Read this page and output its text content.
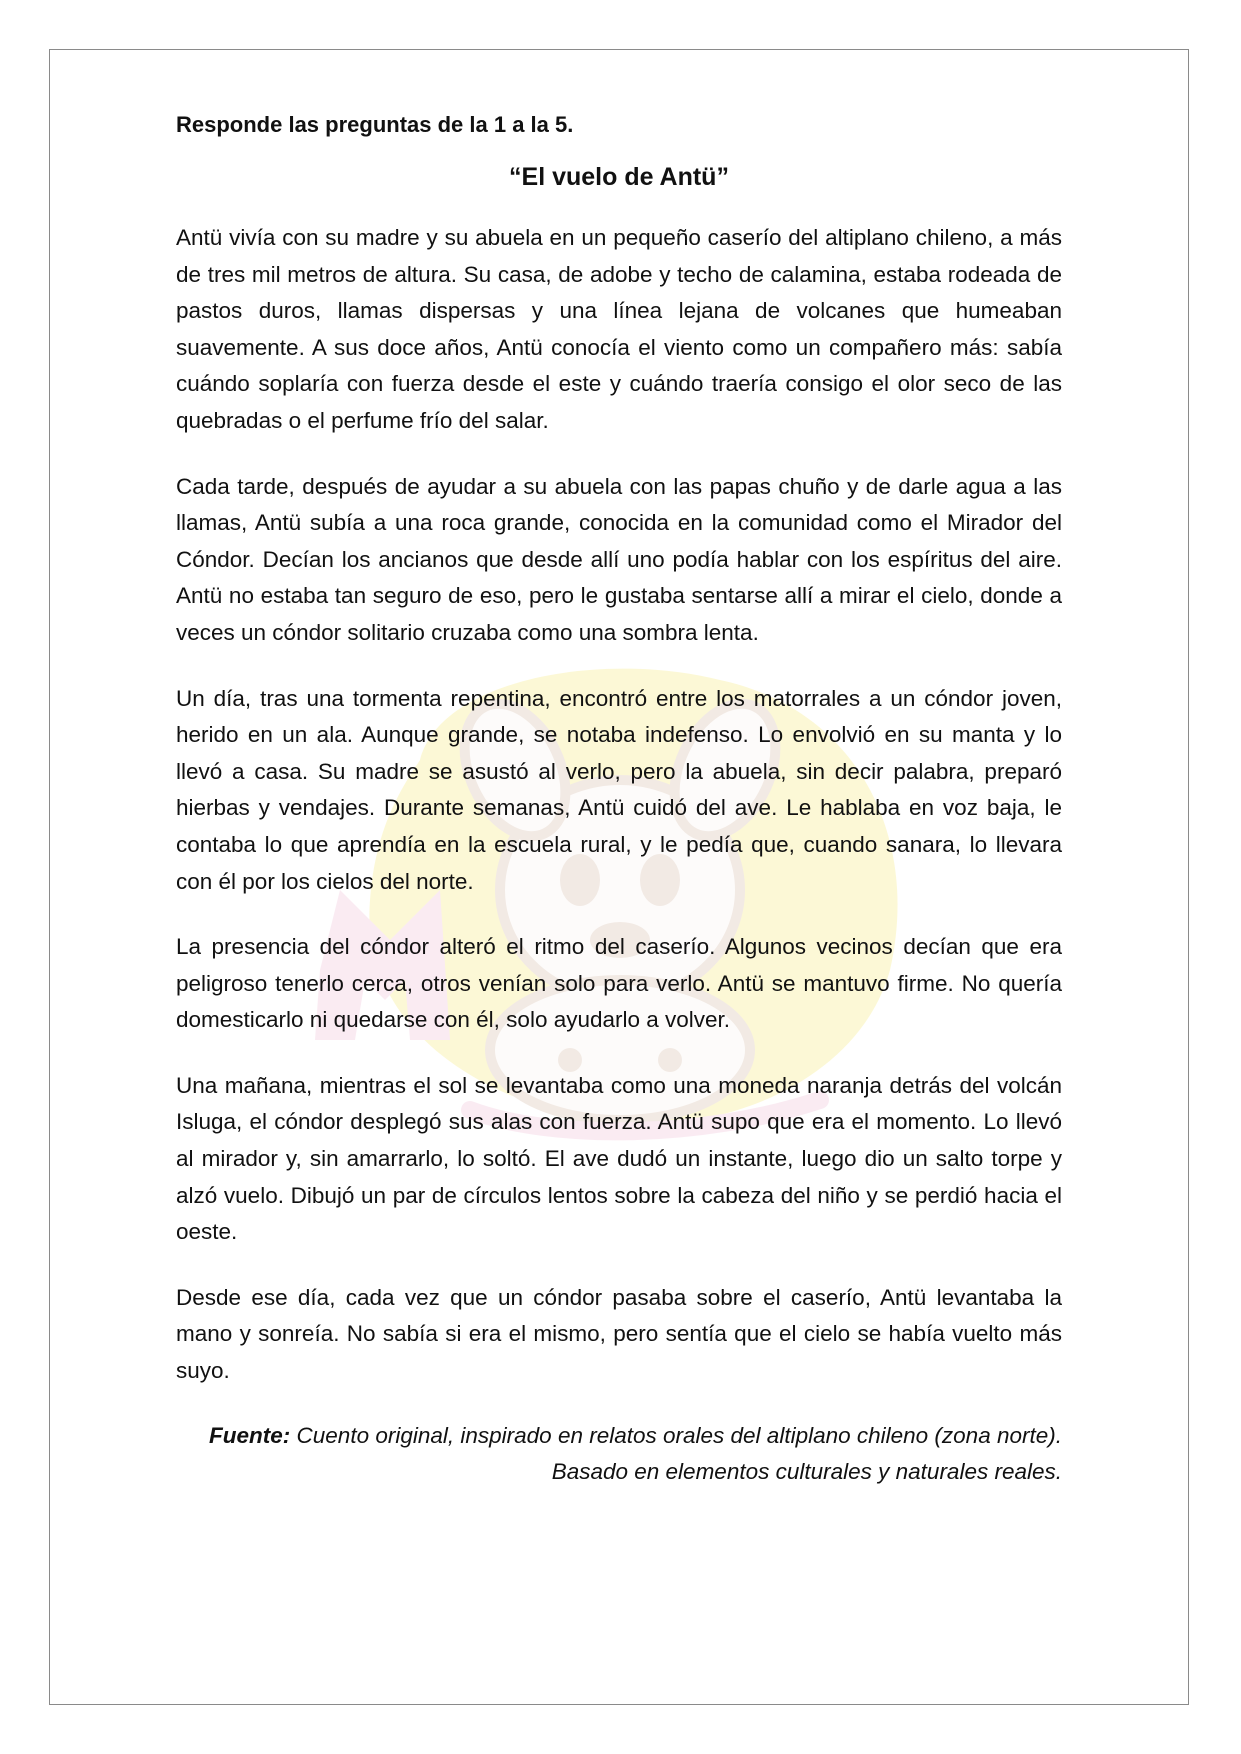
Responde las preguntas de la 1 a la 5.

“El vuelo de Antü”

Antü vivía con su madre y su abuela en un pequeño caserío del altiplano chileno, a más de tres mil metros de altura. Su casa, de adobe y techo de calamina, estaba rodeada de pastos duros, llamas dispersas y una línea lejana de volcanes que humeaban suavemente. A sus doce años, Antü conocía el viento como un compañero más: sabía cuándo soplaría con fuerza desde el este y cuándo traería consigo el olor seco de las quebradas o el perfume frío del salar.

Cada tarde, después de ayudar a su abuela con las papas chuño y de darle agua a las llamas, Antü subía a una roca grande, conocida en la comunidad como el Mirador del Cóndor. Decían los ancianos que desde allí uno podía hablar con los espíritus del aire. Antü no estaba tan seguro de eso, pero le gustaba sentarse allí a mirar el cielo, donde a veces un cóndor solitario cruzaba como una sombra lenta.

Un día, tras una tormenta repentina, encontró entre los matorrales a un cóndor joven, herido en un ala. Aunque grande, se notaba indefenso. Lo envolvió en su manta y lo llevó a casa. Su madre se asustó al verlo, pero la abuela, sin decir palabra, preparó hierbas y vendajes. Durante semanas, Antü cuidó del ave. Le hablaba en voz baja, le contaba lo que aprendía en la escuela rural, y le pedía que, cuando sanara, lo llevara con él por los cielos del norte.

La presencia del cóndor alteró el ritmo del caserío. Algunos vecinos decían que era peligroso tenerlo cerca, otros venían solo para verlo. Antü se mantuvo firme. No quería domesticarlo ni quedarse con él, solo ayudarlo a volver.

Una mañana, mientras el sol se levantaba como una moneda naranja detrás del volcán Isluga, el cóndor desplegó sus alas con fuerza. Antü supo que era el momento. Lo llevó al mirador y, sin amarrarlo, lo soltó. El ave dudó un instante, luego dio un salto torpe y alzó vuelo. Dibujó un par de círculos lentos sobre la cabeza del niño y se perdió hacia el oeste.

Desde ese día, cada vez que un cóndor pasaba sobre el caserío, Antü levantaba la mano y sonreía. No sabía si era el mismo, pero sentía que el cielo se había vuelto más suyo.

Fuente: Cuento original, inspirado en relatos orales del altiplano chileno (zona norte). Basado en elementos culturales y naturales reales.
